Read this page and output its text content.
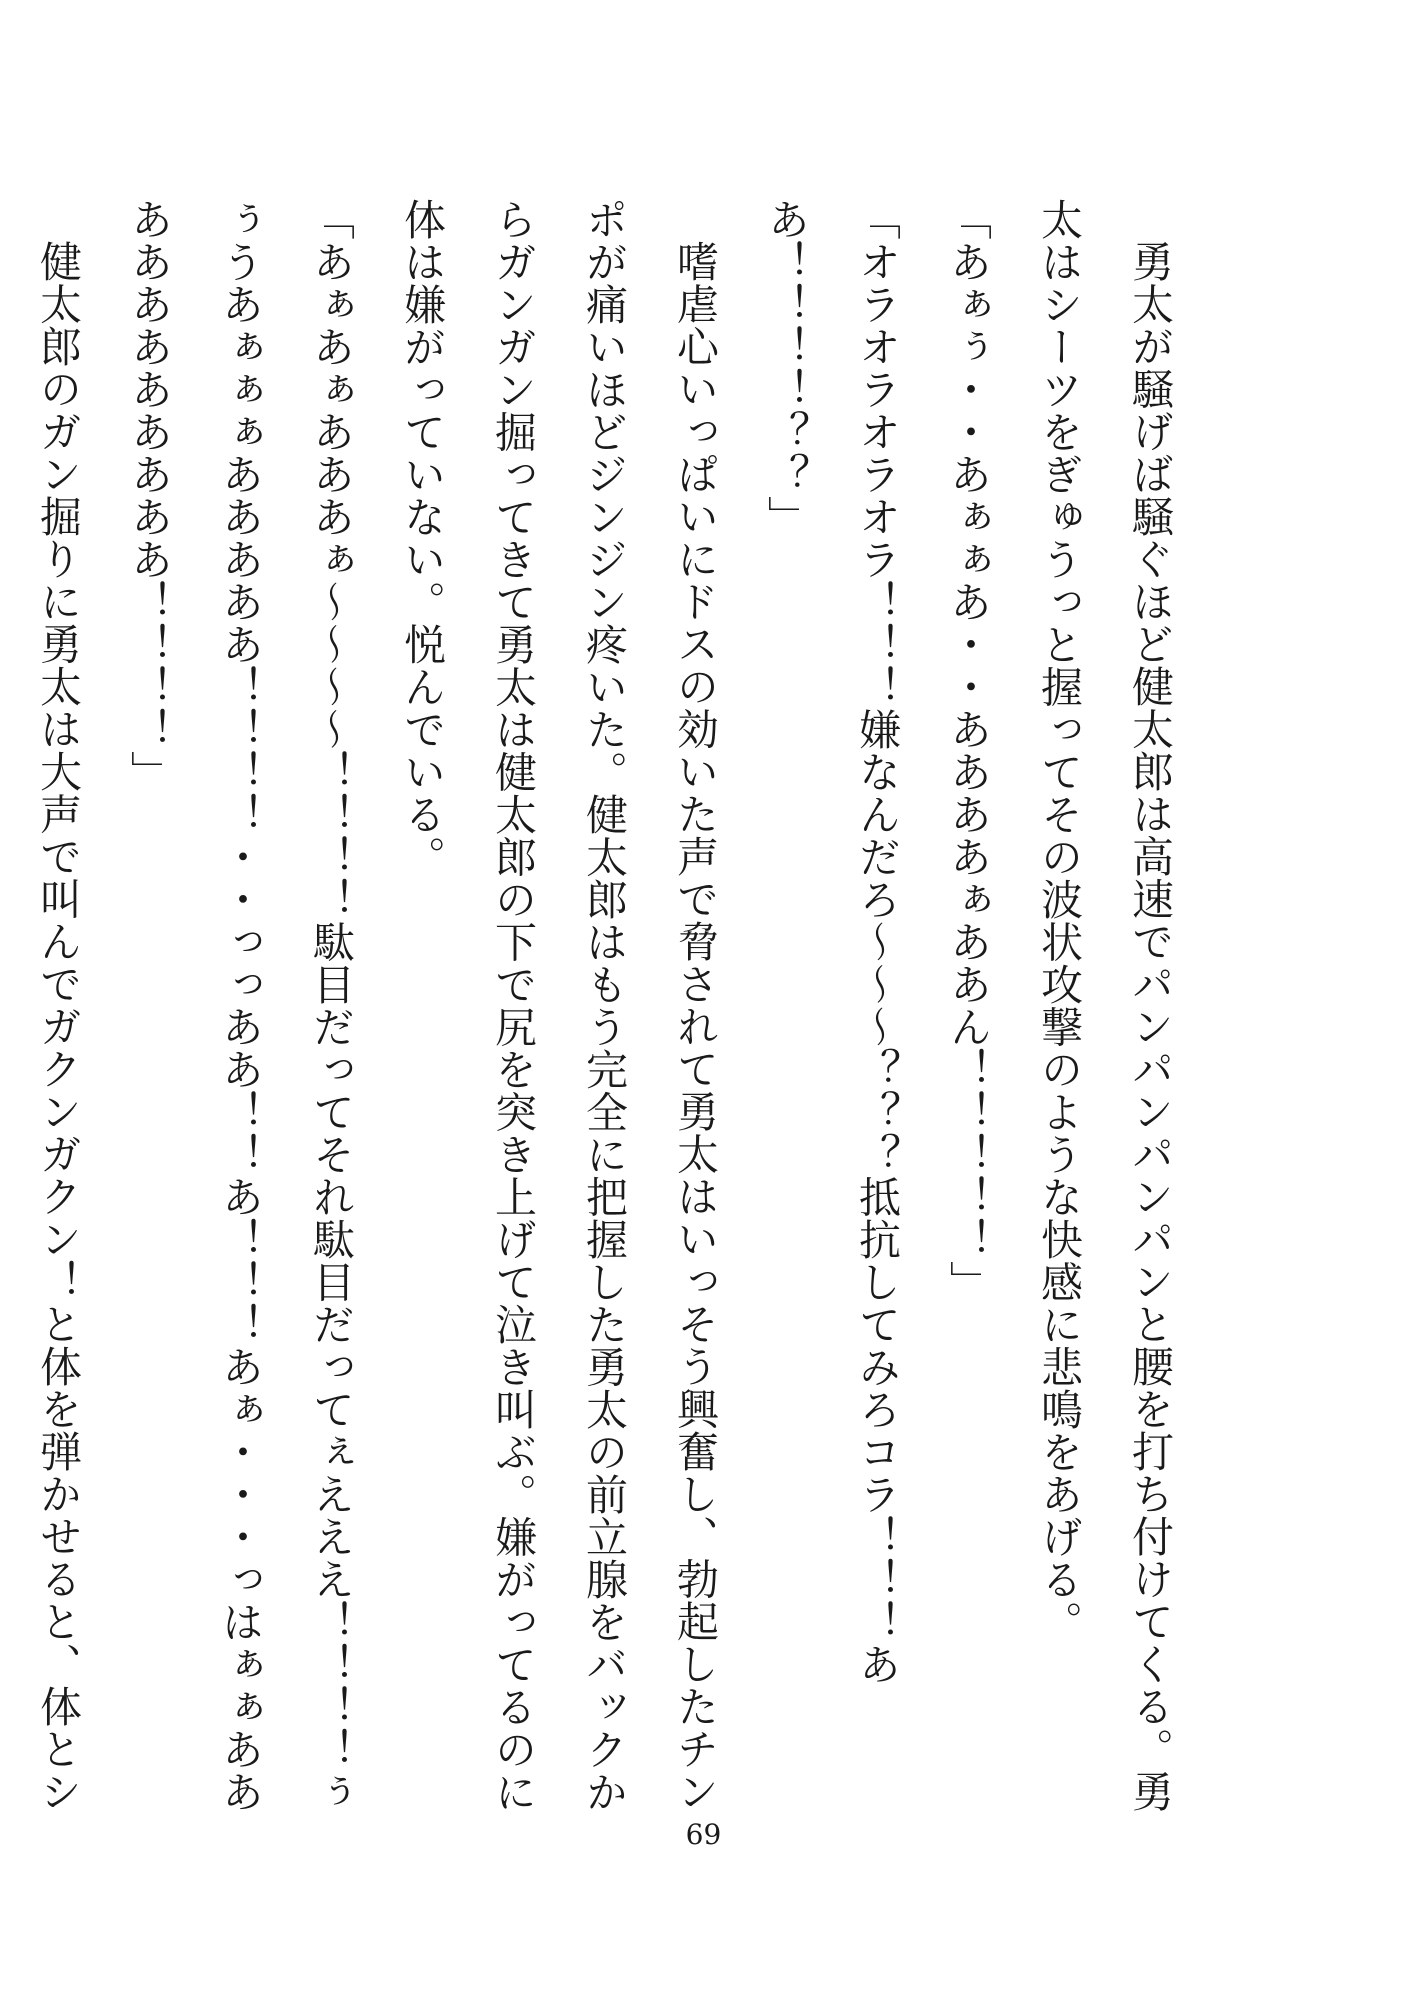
勇太が騒げば騒ぐほど健太郎は高速でパンパンパンパンと腰を打ち付けてくる。勇太はシーツをぎゅうっと握ってその波状攻撃のような快感に悲鳴をあげる。

「あぁぅ・・あぁぁあ・・ああああぁああん！！！！！」

「オラオラオラオラ！！！嫌なんだろ〜〜〜？？？抵抗してみろコラ！！！ああ！！！！？？」

嗜虐心いっぱいにドスの効いた声で脅されて勇太はいっそう興奮し、勃起したチンポが痛いほどジンジン疼いた。健太郎はもう完全に把握した勇太の前立腺をバックからガンガン掘ってきて勇太は健太郎の下で尻を突き上げて泣き叫ぶ。嫌がってるのに体は嫌がっていない。悦んでいる。

「あぁあぁあああぁ〜〜〜〜！！！！駄目だってそれ駄目だってぇえええ！！！！ぅぅうあぁぁぁあああああ！！！！・・っっああ！！あ！！！あぁ・・・っはぁぁあああああああああああ！！！！」

健太郎のガン掘りに勇太は大声で叫んでガクンガクン！と体を弾かせると、体とシ

69
